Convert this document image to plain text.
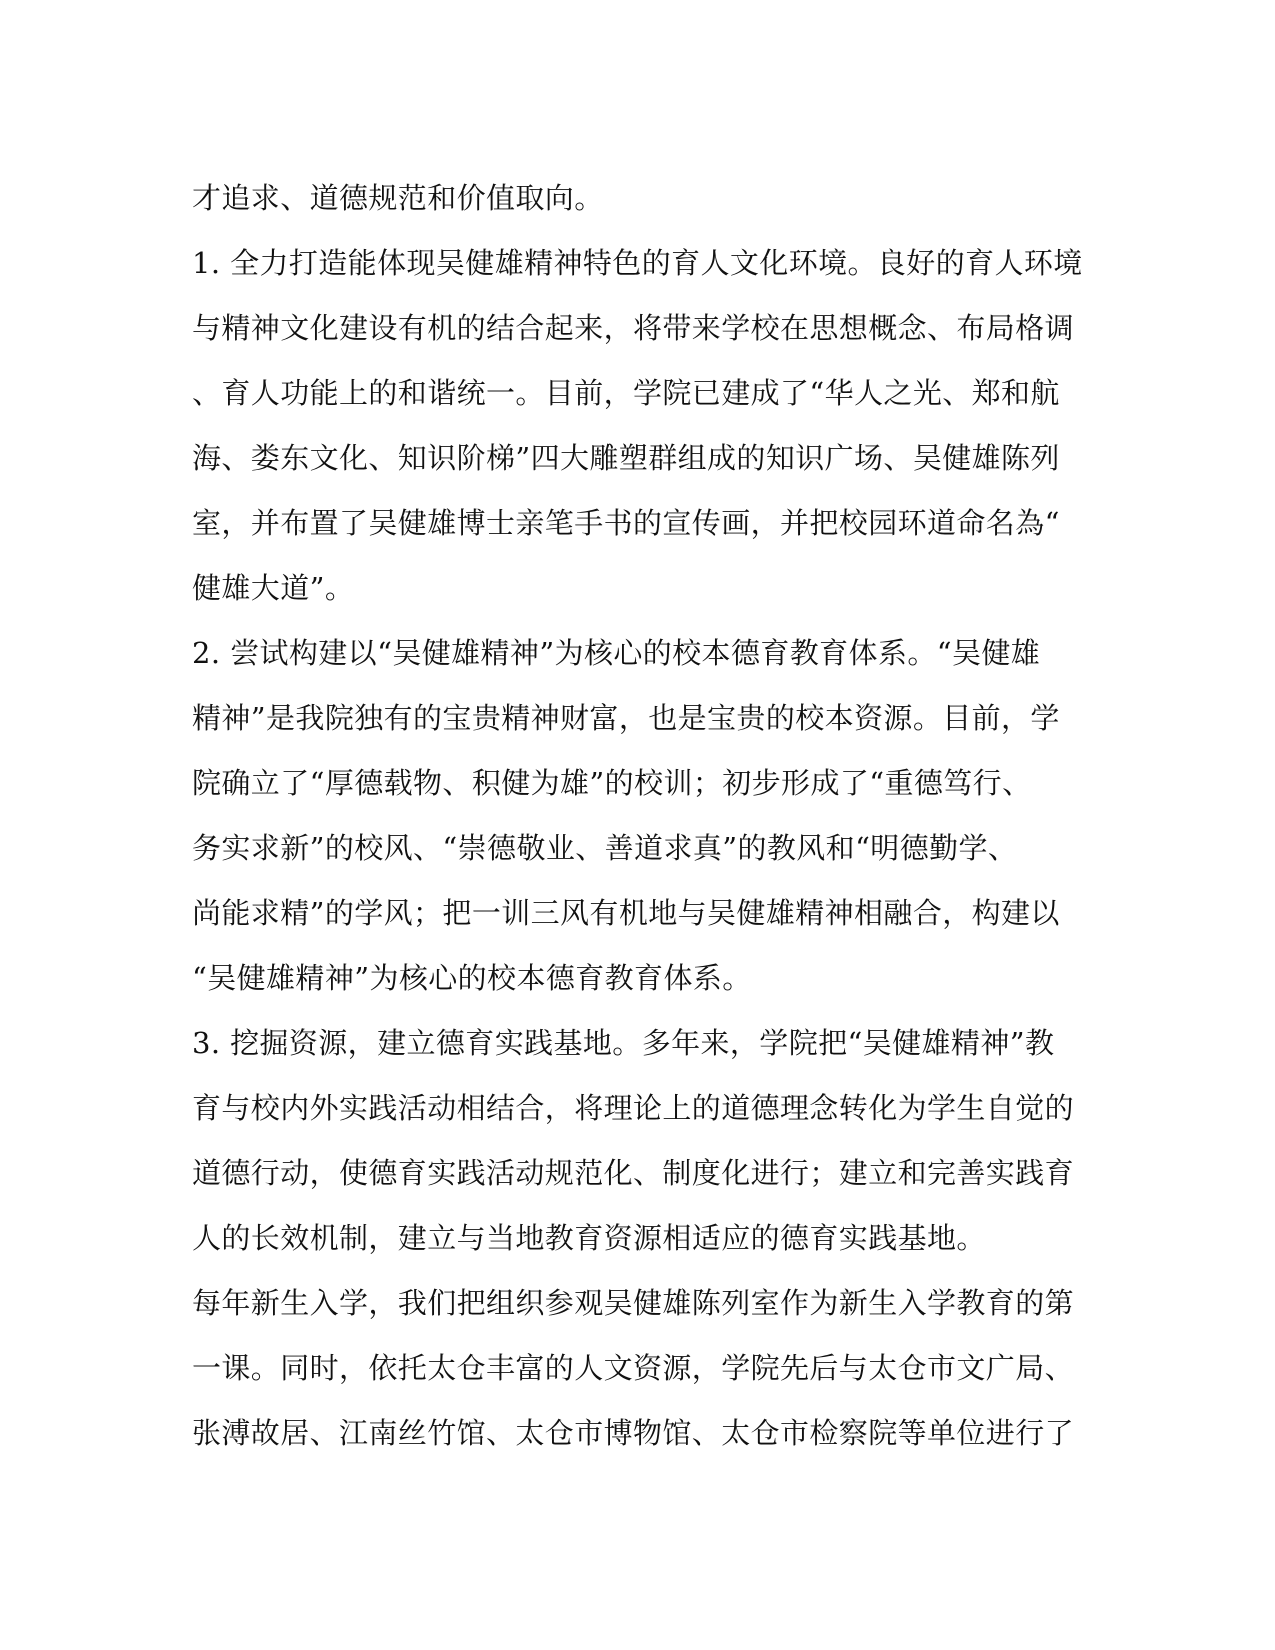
才追求、道德规范和价值取向。
1. 全力打造能体现吴健雄精神特色的育人文化环境。良好的育人环境
与精神文化建设有机的结合起来，将带来学校在思想概念、布局格调
、育人功能上的和谐统一。目前，学院已建成了“华人之光、郑和航
海、娄东文化、知识阶梯”四大雕塑群组成的知识广场、吴健雄陈列
室，并布置了吴健雄博士亲笔手书的宣传画，并把校园环道命名為“
健雄大道”。
2. 尝试构建以“吴健雄精神”为核心的校本德育教育体系。“吴健雄
精神”是我院独有的宝贵精神财富，也是宝贵的校本资源。目前，学
院确立了“厚德载物、积健为雄”的校训；初步形成了“重德笃行、
务实求新”的校风、“崇德敬业、善道求真”的教风和“明德勤学、
尚能求精”的学风；把一训三风有机地与吴健雄精神相融合，构建以
“吴健雄精神”为核心的校本德育教育体系。
3. 挖掘资源，建立德育实践基地。多年来，学院把“吴健雄精神”教
育与校内外实践活动相结合，将理论上的道德理念转化为学生自觉的
道德行动，使德育实践活动规范化、制度化进行；建立和完善实践育
人的长效机制，建立与当地教育资源相适应的德育实践基地。
每年新生入学，我们把组织参观吴健雄陈列室作为新生入学教育的第
一课。同时，依托太仓丰富的人文资源，学院先后与太仓市文广局、
张溥故居、江南丝竹馆、太仓市博物馆、太仓市检察院等单位进行了
